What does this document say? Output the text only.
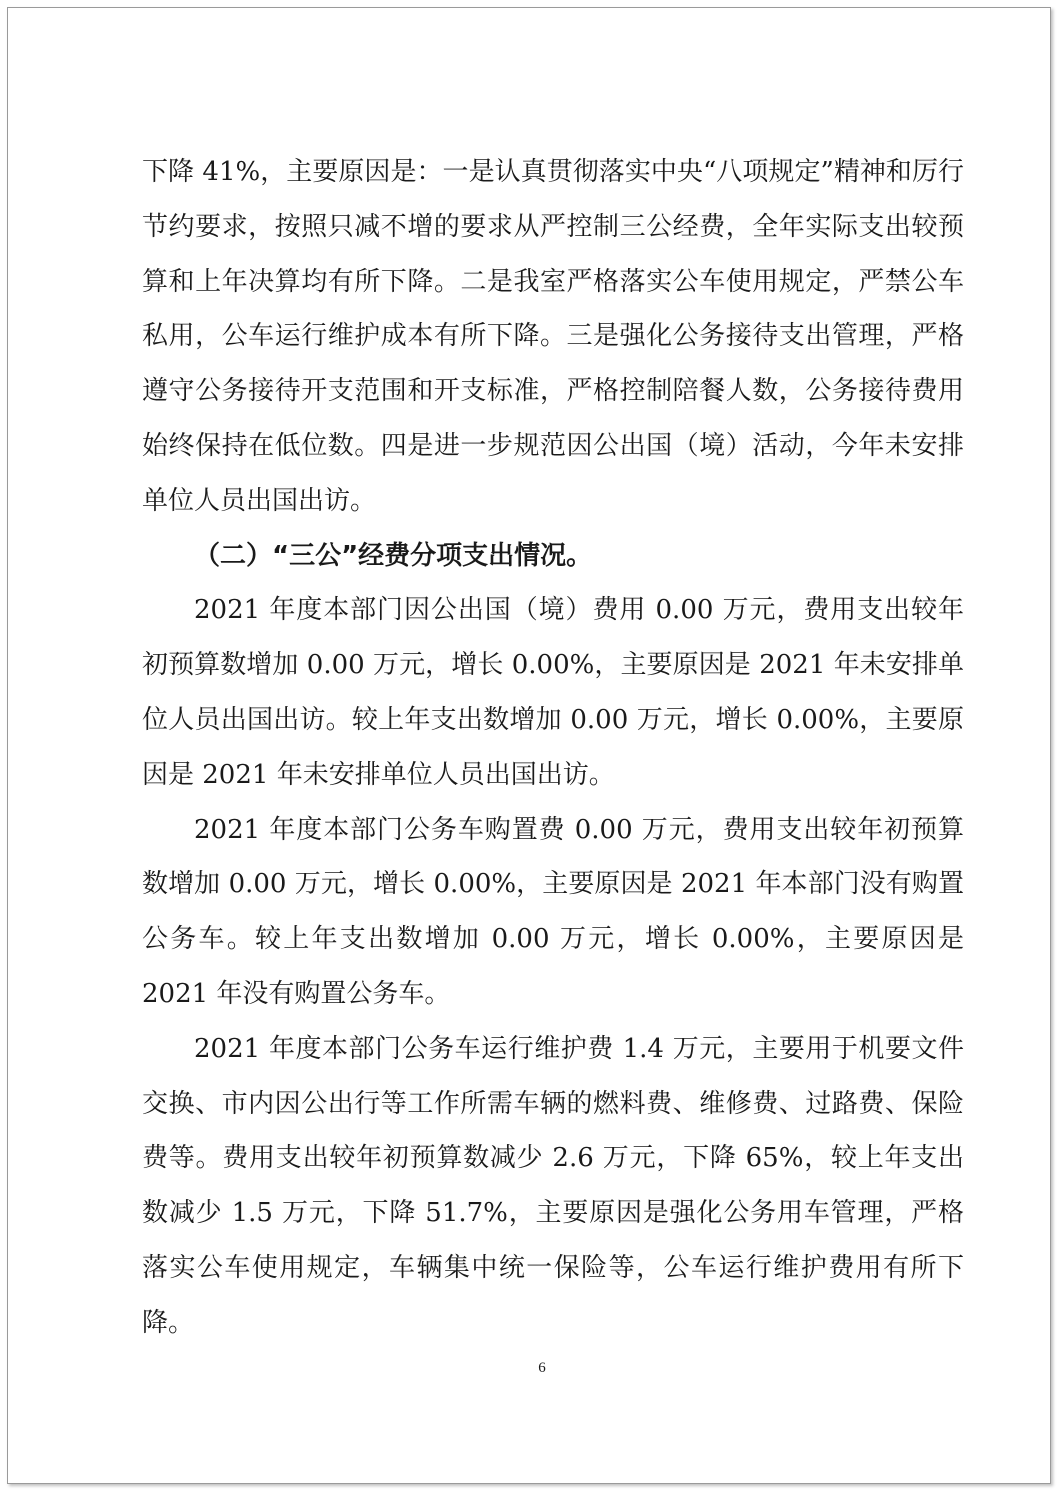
下降 41%，主要原因是：一是认真贯彻落实中央“八项规定”精神和厉行节约要求，按照只减不增的要求从严控制三公经费，全年实际支出较预算和上年决算均有所下降。二是我室严格落实公车使用规定，严禁公车私用，公车运行维护成本有所下降。三是强化公务接待支出管理，严格遵守公务接待开支范围和开支标准，严格控制陪餐人数，公务接待费用始终保持在低位数。四是进一步规范因公出国（境）活动，今年未安排单位人员出国出访。

（二）“三公”经费分项支出情况。

2021 年度本部门因公出国（境）费用 0.00 万元，费用支出较年初预算数增加 0.00 万元，增长 0.00%，主要原因是 2021 年未安排单位人员出国出访。较上年支出数增加 0.00 万元，增长 0.00%，主要原因是 2021 年未安排单位人员出国出访。

2021 年度本部门公务车购置费 0.00 万元，费用支出较年初预算数增加 0.00 万元，增长 0.00%，主要原因是 2021 年本部门没有购置公务车。较上年支出数增加 0.00 万元，增长 0.00%，主要原因是 2021 年没有购置公务车。

2021 年度本部门公务车运行维护费 1.4 万元，主要用于机要文件交换、市内因公出行等工作所需车辆的燃料费、维修费、过路费、保险费等。费用支出较年初预算数减少 2.6 万元，下降 65%，较上年支出数减少 1.5 万元，下降 51.7%，主要原因是强化公务用车管理，严格落实公车使用规定，车辆集中统一保险等，公车运行维护费用有所下降。

6
